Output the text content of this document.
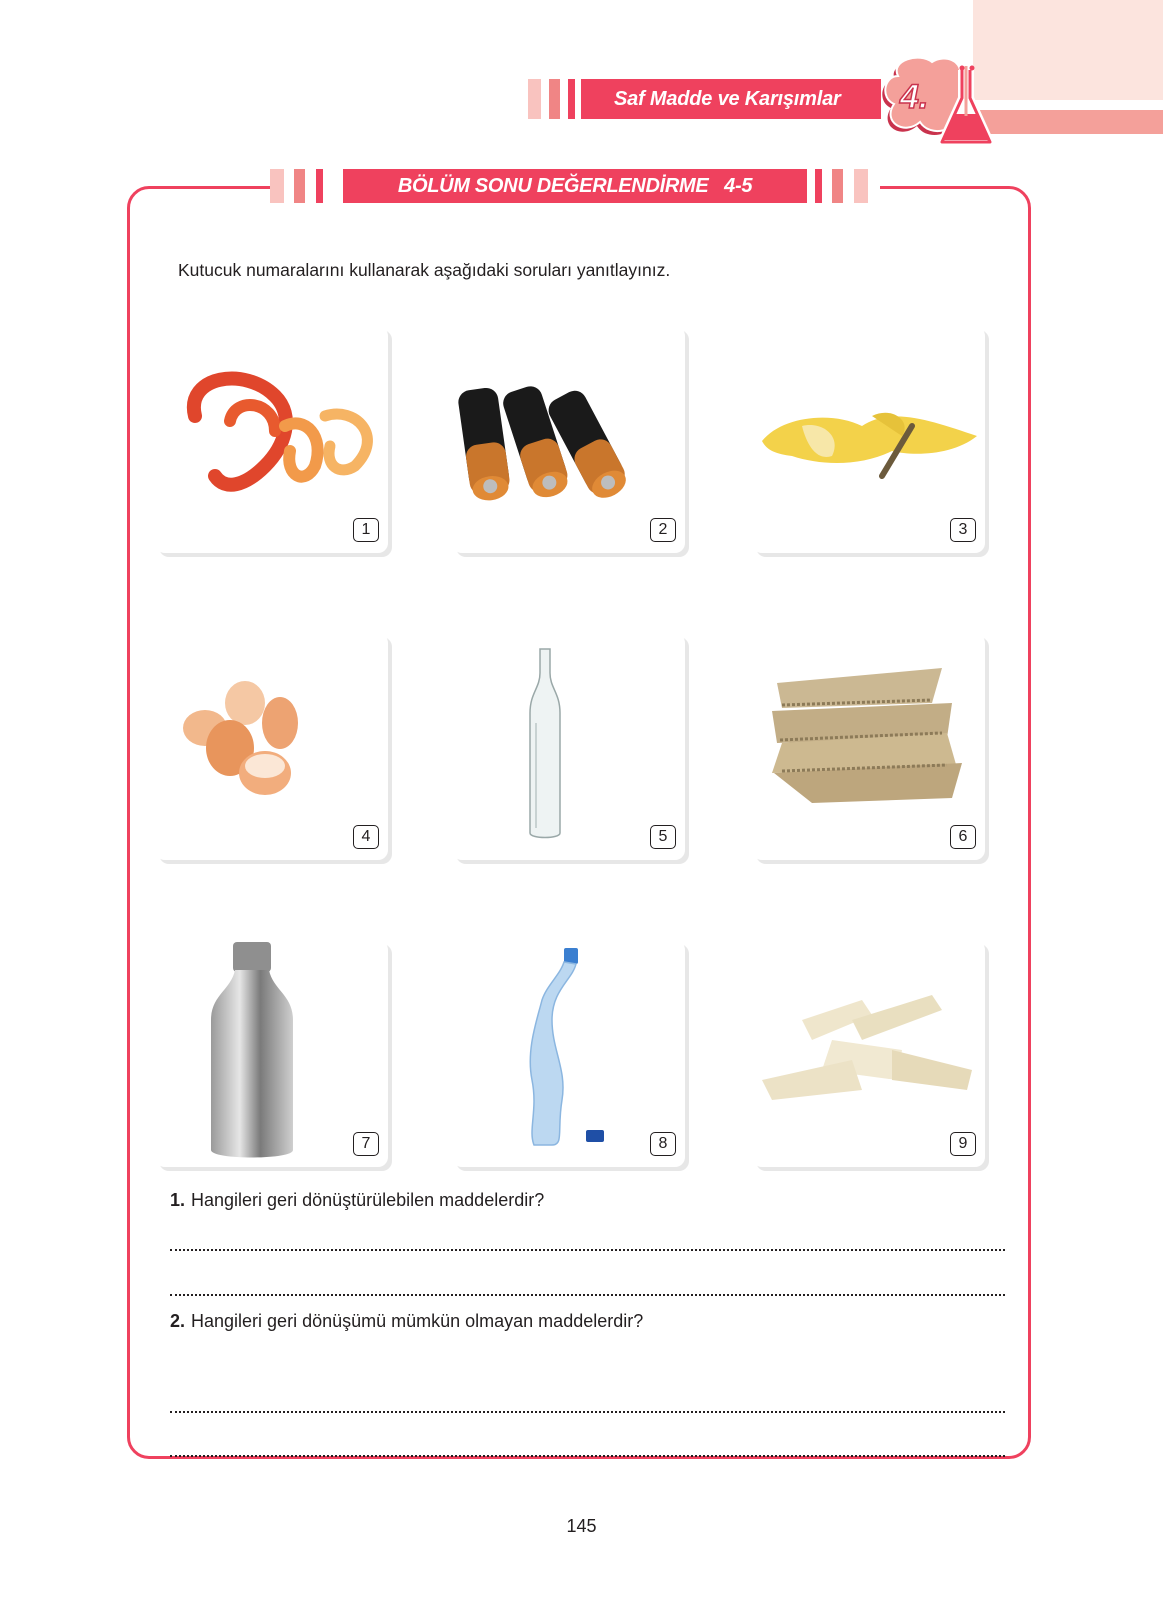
Saf Madde ve Karışımlar 4.
BÖLÜM SONU DEĞERLENDİRME   4-5
Kutucuk numaralarını kullanarak aşağıdaki soruları yanıtlayınız.
1	2	3
4	5	6
7	8	9
1. Hangileri geri dönüştürülebilen maddelerdir?
2. Hangileri geri dönüşümü mümkün olmayan maddelerdir?
145
